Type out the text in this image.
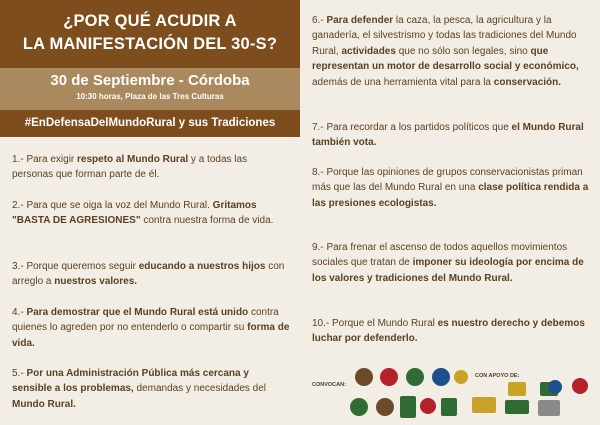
¿POR QUÉ ACUDIR A
LA MANIFESTACIÓN DEL 30-S?
30 de Septiembre - Córdoba
10:30 horas, Plaza de las Tres Culturas
#EnDefensaDelMundoRural y sus Tradiciones

1.- Para exigir respeto al Mundo Rural y a todas las personas que forman parte de él.

2.- Para que se oiga la voz del Mundo Rural. Gritamos "BASTA DE AGRESIONES" contra nuestra forma de vida.

3.- Porque queremos seguir educando a nuestros hijos con arreglo a nuestros valores.

4.- Para demostrar que el Mundo Rural está unido contra quienes lo agreden por no entenderlo o compartir su forma de vida.

5.- Por una Administración Pública más cercana y sensible a los problemas, demandas y necesidades del Mundo Rural.

6.- Para defender la caza, la pesca, la agricultura y la ganadería, el silvestrismo y todas las tradiciones del Mundo Rural, actividades que no sólo son legales, sino que representan un motor de desarrollo social y económico, además de una herramienta vital para la conservación.

7.- Para recordar a los partidos políticos que el Mundo Rural también vota.

8.- Porque las opiniones de grupos conservacionistas priman más que las del Mundo Rural en una clase política rendida a las presiones ecologistas.

9.- Para frenar el ascenso de todos aquellos movimientos sociales que tratan de imponer su ideología por encima de los valores y tradiciones del Mundo Rural.

10.- Porque el Mundo Rural es nuestro derecho y debemos luchar por defenderlo.

CONVOCAN:
CON APOYO DE:
